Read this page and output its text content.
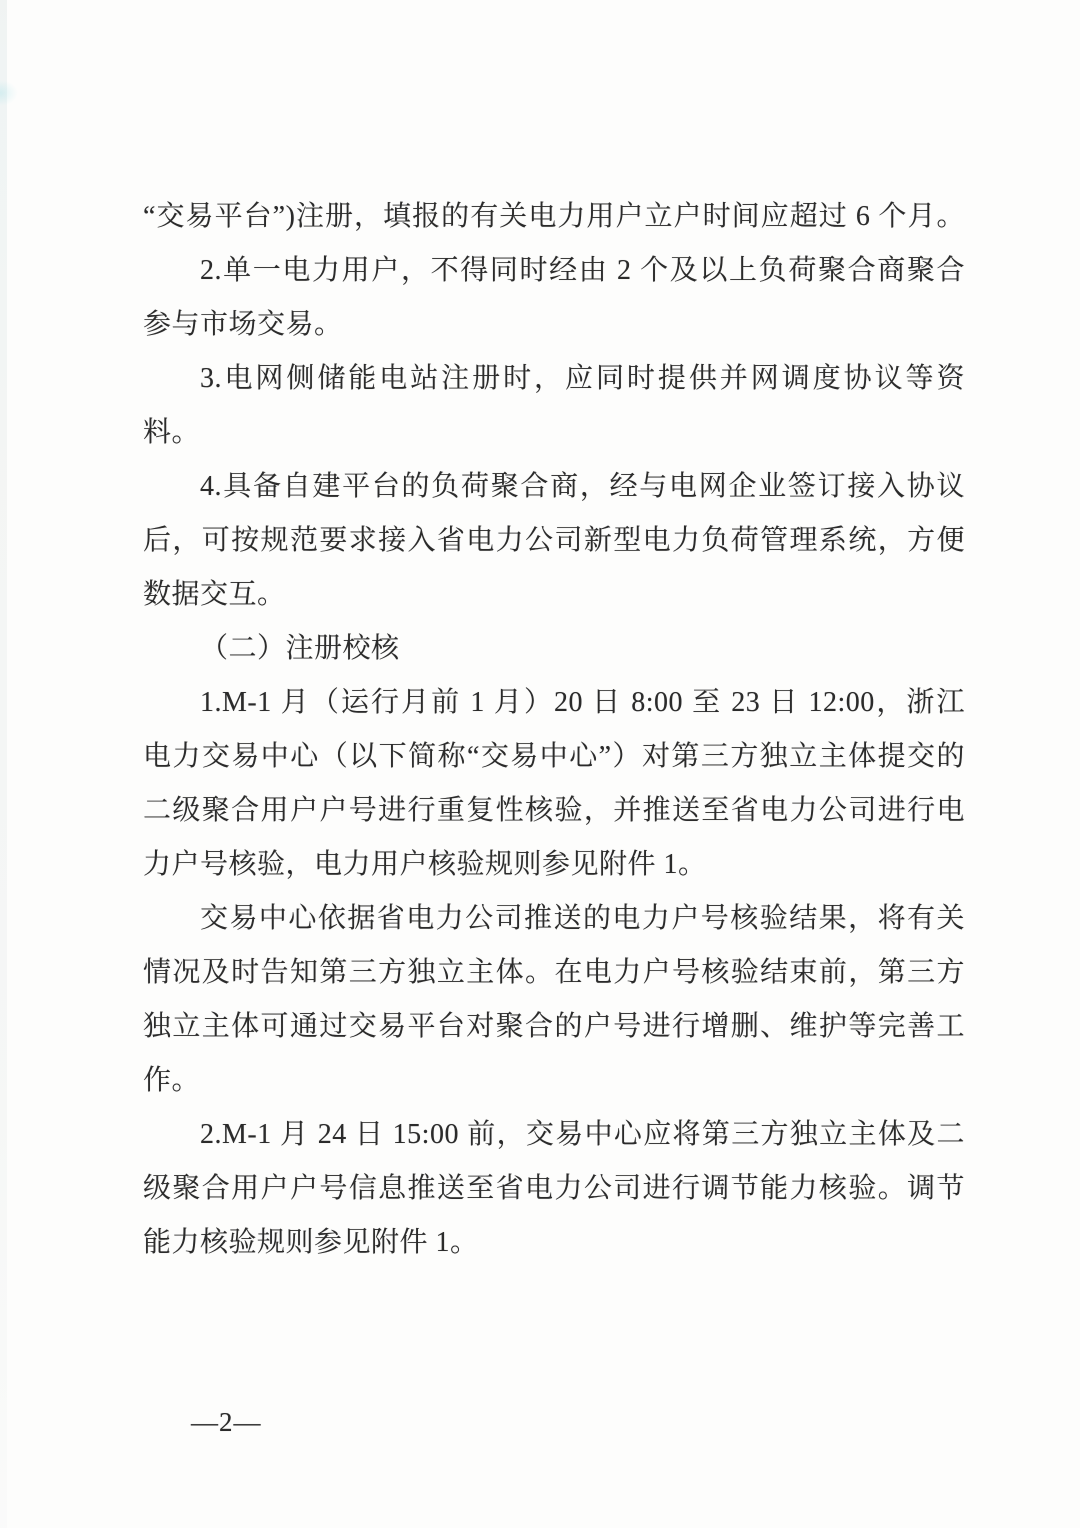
“交易平台”)注册，填报的有关电力用户立户时间应超过 6 个月。
2.单一电力用户，不得同时经由 2 个及以上负荷聚合商聚合
参与市场交易。
3.电网侧储能电站注册时，应同时提供并网调度协议等资
料。
4.具备自建平台的负荷聚合商，经与电网企业签订接入协议
后，可按规范要求接入省电力公司新型电力负荷管理系统，方便
数据交互。
（二）注册校核
1.M-1 月（运行月前 1 月）20 日 8:00 至 23 日 12:00，浙江
电力交易中心（以下简称“交易中心”）对第三方独立主体提交的
二级聚合用户户号进行重复性核验，并推送至省电力公司进行电
力户号核验，电力用户核验规则参见附件 1。
交易中心依据省电力公司推送的电力户号核验结果，将有关
情况及时告知第三方独立主体。在电力户号核验结束前，第三方
独立主体可通过交易平台对聚合的户号进行增删、维护等完善工
作。
2.M-1 月 24 日 15:00 前，交易中心应将第三方独立主体及二
级聚合用户户号信息推送至省电力公司进行调节能力核验。调节
能力核验规则参见附件 1。
—2—
